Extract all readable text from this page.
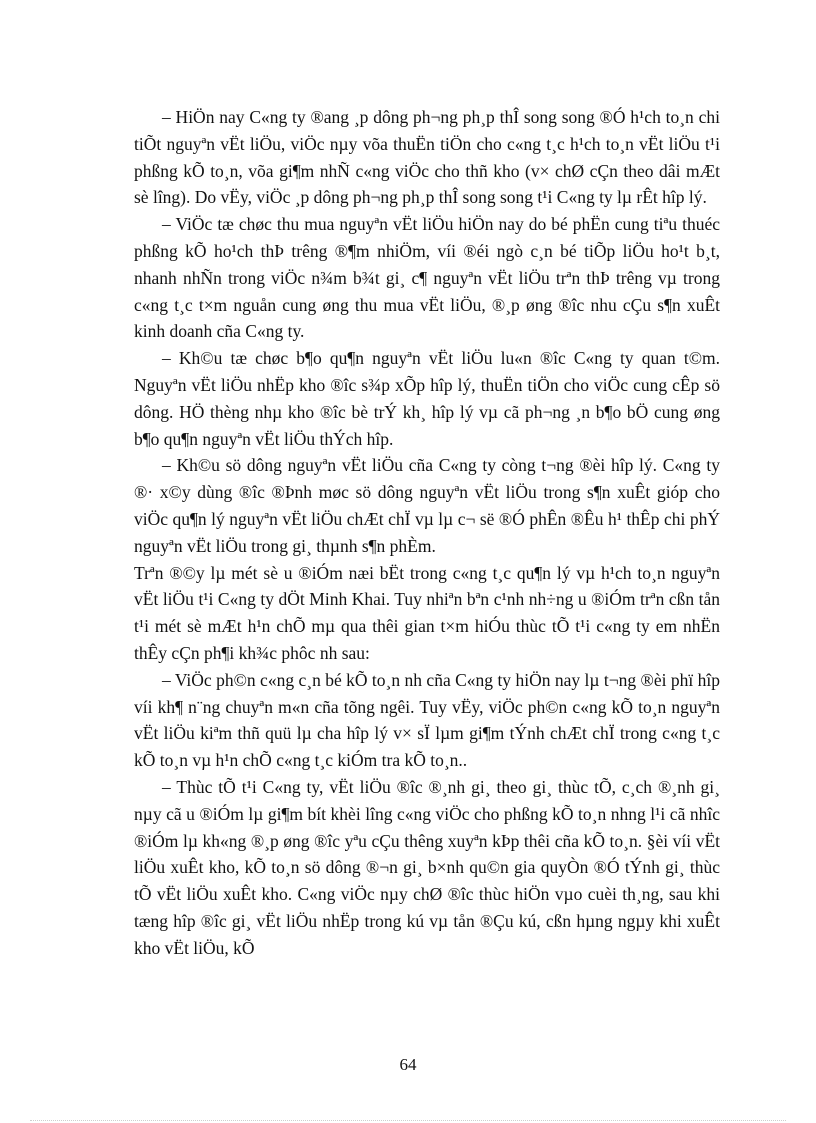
– HiÖn nay C«ng ty ®ang ¸p dông ph¬ng ph¸p thÎ song song ®Ó h¹ch to¸n chi tiÕt nguyªn vËt liÖu, viÖc nµy võa thuËn tiÖn cho c«ng t¸c h¹ch to¸n vËt liÖu t¹i phßng kÕ to¸n, võa gi¶m nhÑ c«ng viÖc cho thñ kho (v× chØ cÇn theo dâi mÆt sè lîng). Do vËy, viÖc ¸p dông ph¬ng ph¸p thÎ song song t¹i C«ng ty lµ rÊt hîp lý.

– ViÖc tæ chøc thu mua nguyªn vËt liÖu hiÖn nay do bé phËn cung tiªu thuéc phßng kÕ ho¹ch thÞ trêng ®¶m nhiÖm, víi ®éi ngò c¸n bé tiÕp liÖu ho¹t b¸t, nhanh nhÑn trong viÖc n¾m b¾t gi¸ c¶ nguyªn vËt liÖu trªn thÞ trêng vµ trong c«ng t¸c t×m nguån cung øng thu mua vËt liÖu, ®¸p øng ®îc nhu cÇu s¶n xuÊt kinh doanh cña C«ng ty.

– Kh©u tæ chøc b¶o qu¶n nguyªn vËt liÖu lu«n ®îc C«ng ty quan t©m. Nguyªn vËt liÖu nhËp kho ®îc s¾p xÕp hîp lý, thuËn tiÖn cho viÖc cung cÊp sö dông. HÖ thèng nhµ kho ®îc bè trÝ kh¸ hîp lý vµ cã ph¬ng ¸n b¶o bÖ cung øng b¶o qu¶n nguyªn vËt liÖu thÝch hîp.

– Kh©u sö dông nguyªn vËt liÖu cña C«ng ty còng t¬ng ®èi hîp lý. C«ng ty ®· x©y dùng ®îc ®Þnh møc sö dông nguyªn vËt liÖu trong s¶n xuÊt gióp cho viÖc qu¶n lý nguyªn vËt liÖu chÆt chÏ vµ lµ c¬ së ®Ó phÊn ®Êu h¹ thÊp chi phÝ nguyªn vËt liÖu trong gi¸ thµnh s¶n phÈm.

Trªn ®©y lµ mét sè u ®iÓm næi bËt trong c«ng t¸c qu¶n lý vµ h¹ch to¸n nguyªn vËt liÖu t¹i C«ng ty dÖt Minh Khai. Tuy nhiªn bªn c¹nh nh÷ng u ®iÓm trªn cßn tån t¹i mét sè mÆt h¹n chÕ mµ qua thêi gian t×m hiÓu thùc tÕ t¹i c«ng ty em nhËn thÊy cÇn ph¶i kh¾c phôc nh sau:

– ViÖc ph©n c«ng c¸n bé kÕ to¸n nh cña C«ng ty hiÖn nay lµ t¬ng ®èi phï hîp víi kh¶ n¨ng chuyªn m«n cña tõng ngêi. Tuy vËy, viÖc ph©n c«ng kÕ to¸n nguyªn vËt liÖu kiªm thñ quü lµ cha hîp lý v× sÏ lµm gi¶m tÝnh chÆt chÏ trong c«ng t¸c kÕ to¸n vµ h¹n chÕ c«ng t¸c kiÓm tra kÕ to¸n..

– Thùc tÕ t¹i C«ng ty, vËt liÖu ®îc ®¸nh gi¸ theo gi¸ thùc tÕ, c¸ch ®¸nh gi¸ nµy cã u ®iÓm lµ gi¶m bít khèi lîng c«ng viÖc cho phßng kÕ to¸n nhng l¹i cã nhîc ®iÓm lµ kh«ng ®¸p øng ®îc yªu cÇu thêng xuyªn kÞp thêi cña kÕ to¸n. §èi víi vËt liÖu xuÊt kho, kÕ to¸n sö dông ®¬n gi¸ b×nh qu©n gia quyÒn ®Ó tÝnh gi¸ thùc tÕ vËt liÖu xuÊt kho. C«ng viÖc nµy chØ ®îc thùc hiÖn vµo cuèi th¸ng, sau khi tæng hîp ®îc gi¸ vËt liÖu nhËp trong kú vµ tån ®Çu kú, cßn hµng ngµy khi xuÊt kho vËt liÖu, kÕ

64
